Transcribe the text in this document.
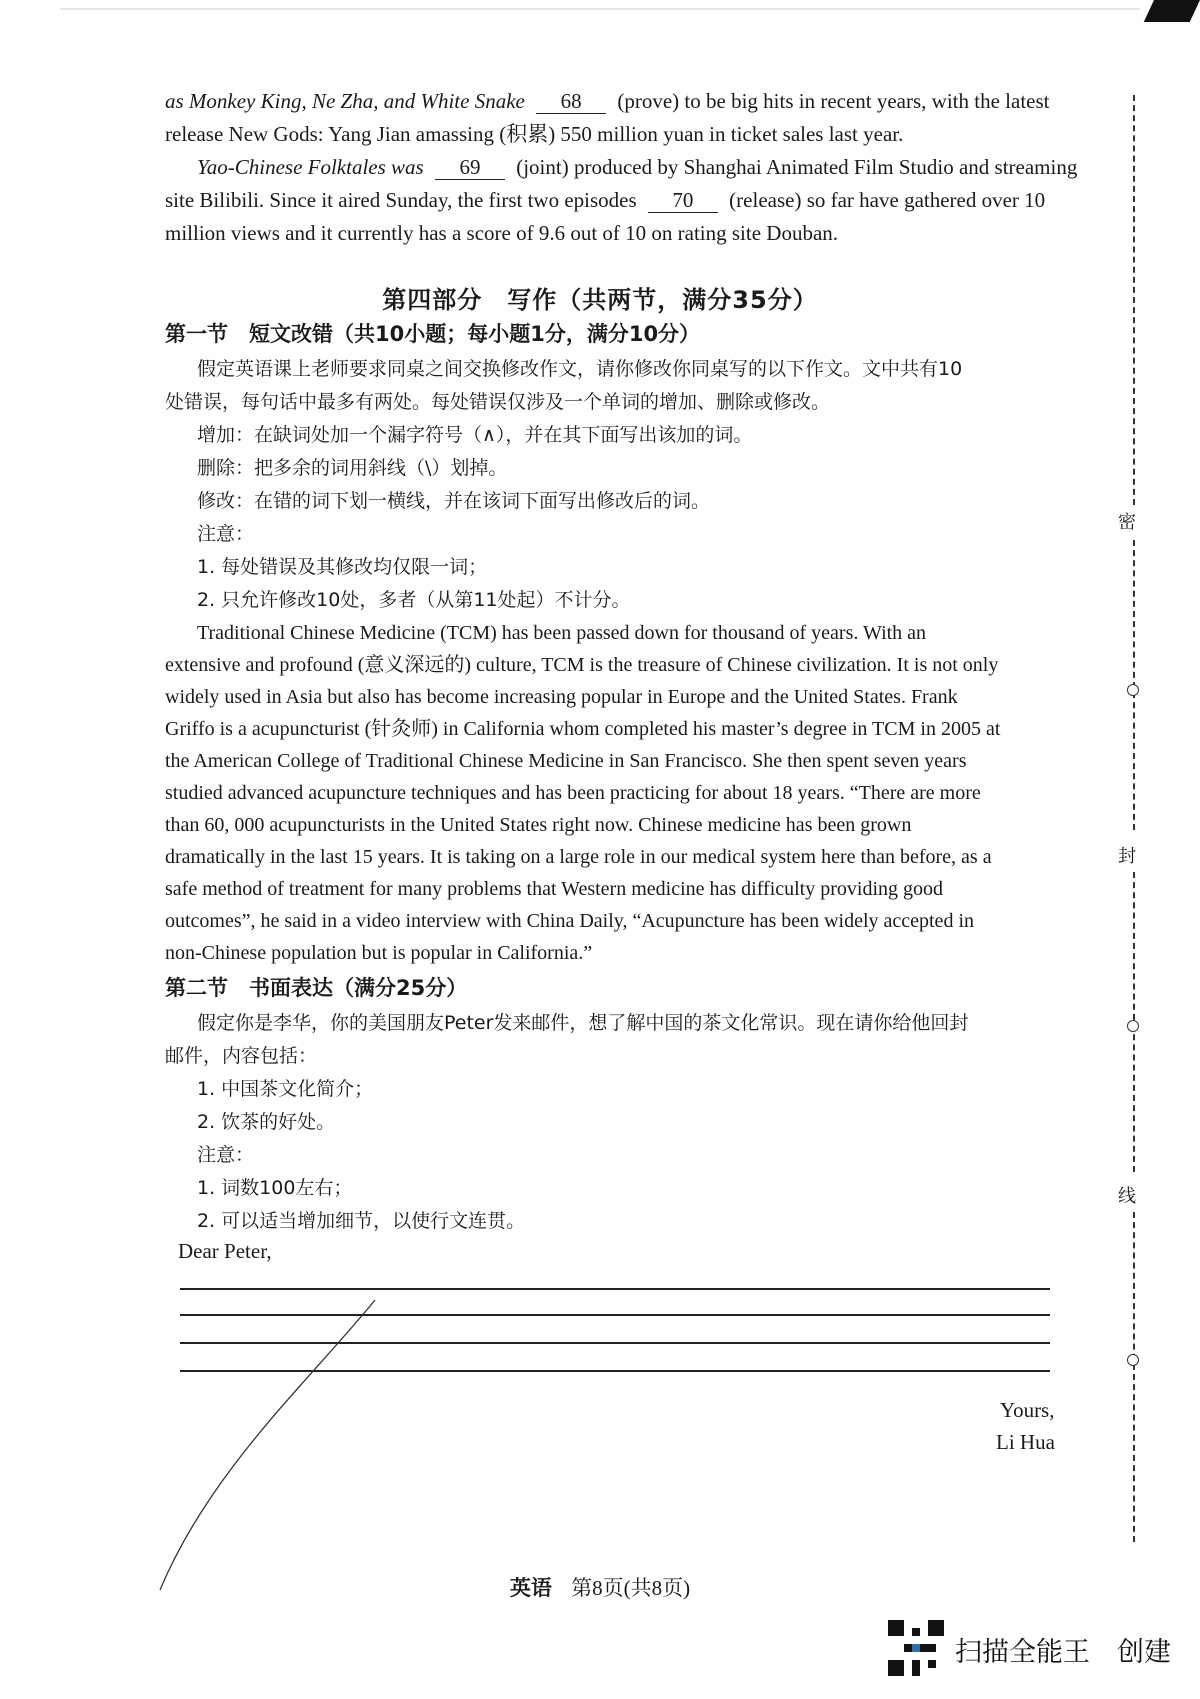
as Monkey King, Ne Zha, and White Snake 68 (prove) to be big hits in recent years, with the latest
release New Gods: Yang Jian amassing (积累) 550 million yuan in ticket sales last year.
Yao-Chinese Folktales was 69 (joint) produced by Shanghai Animated Film Studio and streaming
site Bilibili. Since it aired Sunday, the first two episodes 70 (release) so far have gathered over 10
million views and it currently has a score of 9.6 out of 10 on rating site Douban.
第四部分　写作（共两节，满分35分）
第一节　短文改错（共10小题；每小题1分，满分10分）
假定英语课上老师要求同桌之间交换修改作文，请你修改你同桌写的以下作文。文中共有10
处错误，每句话中最多有两处。每处错误仅涉及一个单词的增加、删除或修改。
增加：在缺词处加一个漏字符号（∧），并在其下面写出该加的词。
删除：把多余的词用斜线（\）划掉。
修改：在错的词下划一横线，并在该词下面写出修改后的词。
注意：
1. 每处错误及其修改均仅限一词；
2. 只允许修改10处，多者（从第11处起）不计分。
Traditional Chinese Medicine (TCM) has been passed down for thousand of years. With an
extensive and profound (意义深远的) culture, TCM is the treasure of Chinese civilization. It is not only
widely used in Asia but also has become increasing popular in Europe and the United States. Frank
Griffo is a acupuncturist (针灸师) in California whom completed his master’s degree in TCM in 2005 at
the American College of Traditional Chinese Medicine in San Francisco. She then spent seven years
studied advanced acupuncture techniques and has been practicing for about 18 years. “There are more
than 60, 000 acupuncturists in the United States right now. Chinese medicine has been grown
dramatically in the last 15 years. It is taking on a large role in our medical system here than before, as a
safe method of treatment for many problems that Western medicine has difficulty providing good
outcomes”, he said in a video interview with China Daily, “Acupuncture has been widely accepted in
non-Chinese population but is popular in California.”
第二节　书面表达（满分25分）
假定你是李华，你的美国朋友Peter发来邮件，想了解中国的茶文化常识。现在请你给他回封
邮件，内容包括：
1. 中国茶文化简介；
2. 饮茶的好处。
注意：
1. 词数100左右；
2. 可以适当增加细节，以使行文连贯。
Dear Peter,
Yours,
Li Hua
英语 第8页(共8页)
密
封
线
扫描全能王　创建
